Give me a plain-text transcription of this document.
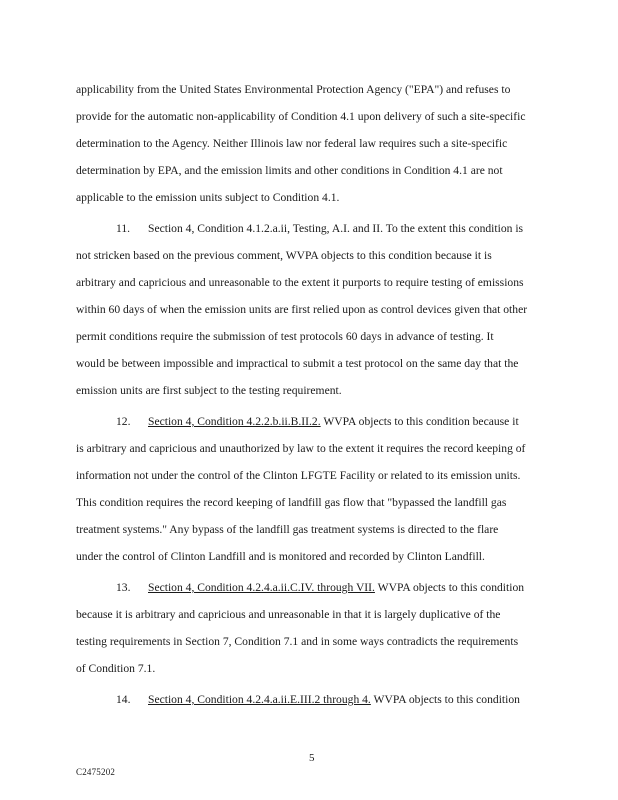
applicability from the United States Environmental Protection Agency ("EPA") and refuses to
provide for the automatic non-applicability of Condition 4.1 upon delivery of such a site-specific
determination to the Agency. Neither Illinois law nor federal law requires such a site-specific
determination by EPA, and the emission limits and other conditions in Condition 4.1 are not
applicable to the emission units subject to Condition 4.1.
11. Section 4, Condition 4.1.2.a.ii, Testing, A.I. and II. To the extent this condition is
not stricken based on the previous comment, WVPA objects to this condition because it is
arbitrary and capricious and unreasonable to the extent it purports to require testing of emissions
within 60 days of when the emission units are first relied upon as control devices given that other
permit conditions require the submission of test protocols 60 days in advance of testing. It
would be between impossible and impractical to submit a test protocol on the same day that the
emission units are first subject to the testing requirement.
12. Section 4, Condition 4.2.2.b.ii.B.II.2. WVPA objects to this condition because it
is arbitrary and capricious and unauthorized by law to the extent it requires the record keeping of
information not under the control of the Clinton LFGTE Facility or related to its emission units.
This condition requires the record keeping of landfill gas flow that "bypassed the landfill gas
treatment systems." Any bypass of the landfill gas treatment systems is directed to the flare
under the control of Clinton Landfill and is monitored and recorded by Clinton Landfill.
13. Section 4, Condition 4.2.4.a.ii.C.IV. through VII. WVPA objects to this condition
because it is arbitrary and capricious and unreasonable in that it is largely duplicative of the
testing requirements in Section 7, Condition 7.1 and in some ways contradicts the requirements
of Condition 7.1.
14. Section 4, Condition 4.2.4.a.ii.E.III.2 through 4. WVPA objects to this condition
5
C2475202
